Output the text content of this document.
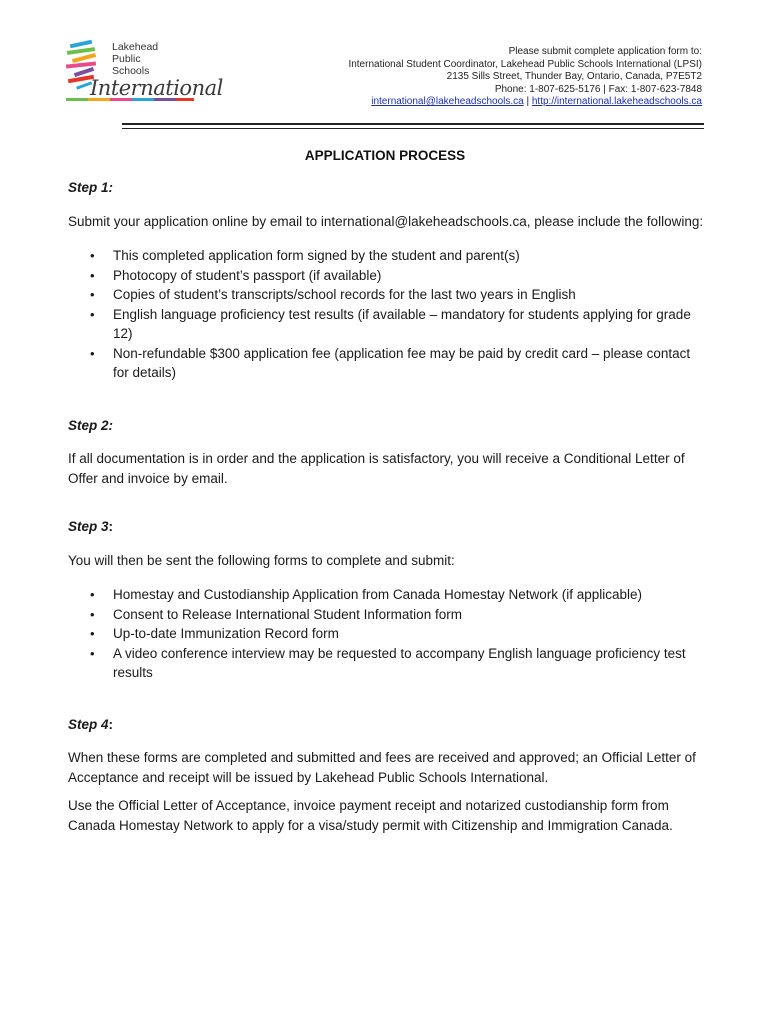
Lakehead
Public
Schools
International
Please submit complete application form to:
International Student Coordinator, Lakehead Public Schools International (LPSI)
2135 Sills Street, Thunder Bay, Ontario, Canada, P7E5T2
Phone: 1-807-625-5176 | Fax: 1-807-623-7848
international@lakeheadschools.ca | http://international.lakeheadschools.ca
APPLICATION PROCESS

Step 1:

Submit your application online by email to international@lakeheadschools.ca, please include the following:

• This completed application form signed by the student and parent(s)
• Photocopy of student’s passport (if available)
• Copies of student’s transcripts/school records for the last two years in English
• English language proficiency test results (if available – mandatory for students applying for grade 12)
• Non-refundable $300 application fee (application fee may be paid by credit card – please contact for details)

Step 2:

If all documentation is in order and the application is satisfactory, you will receive a Conditional Letter of Offer and invoice by email.

Step 3:

You will then be sent the following forms to complete and submit:

• Homestay and Custodianship Application from Canada Homestay Network (if applicable)
• Consent to Release International Student Information form
• Up-to-date Immunization Record form
• A video conference interview may be requested to accompany English language proficiency test results

Step 4:

When these forms are completed and submitted and fees are received and approved; an Official Letter of Acceptance and receipt will be issued by Lakehead Public Schools International.

Use the Official Letter of Acceptance, invoice payment receipt and notarized custodianship form from Canada Homestay Network to apply for a visa/study permit with Citizenship and Immigration Canada.
